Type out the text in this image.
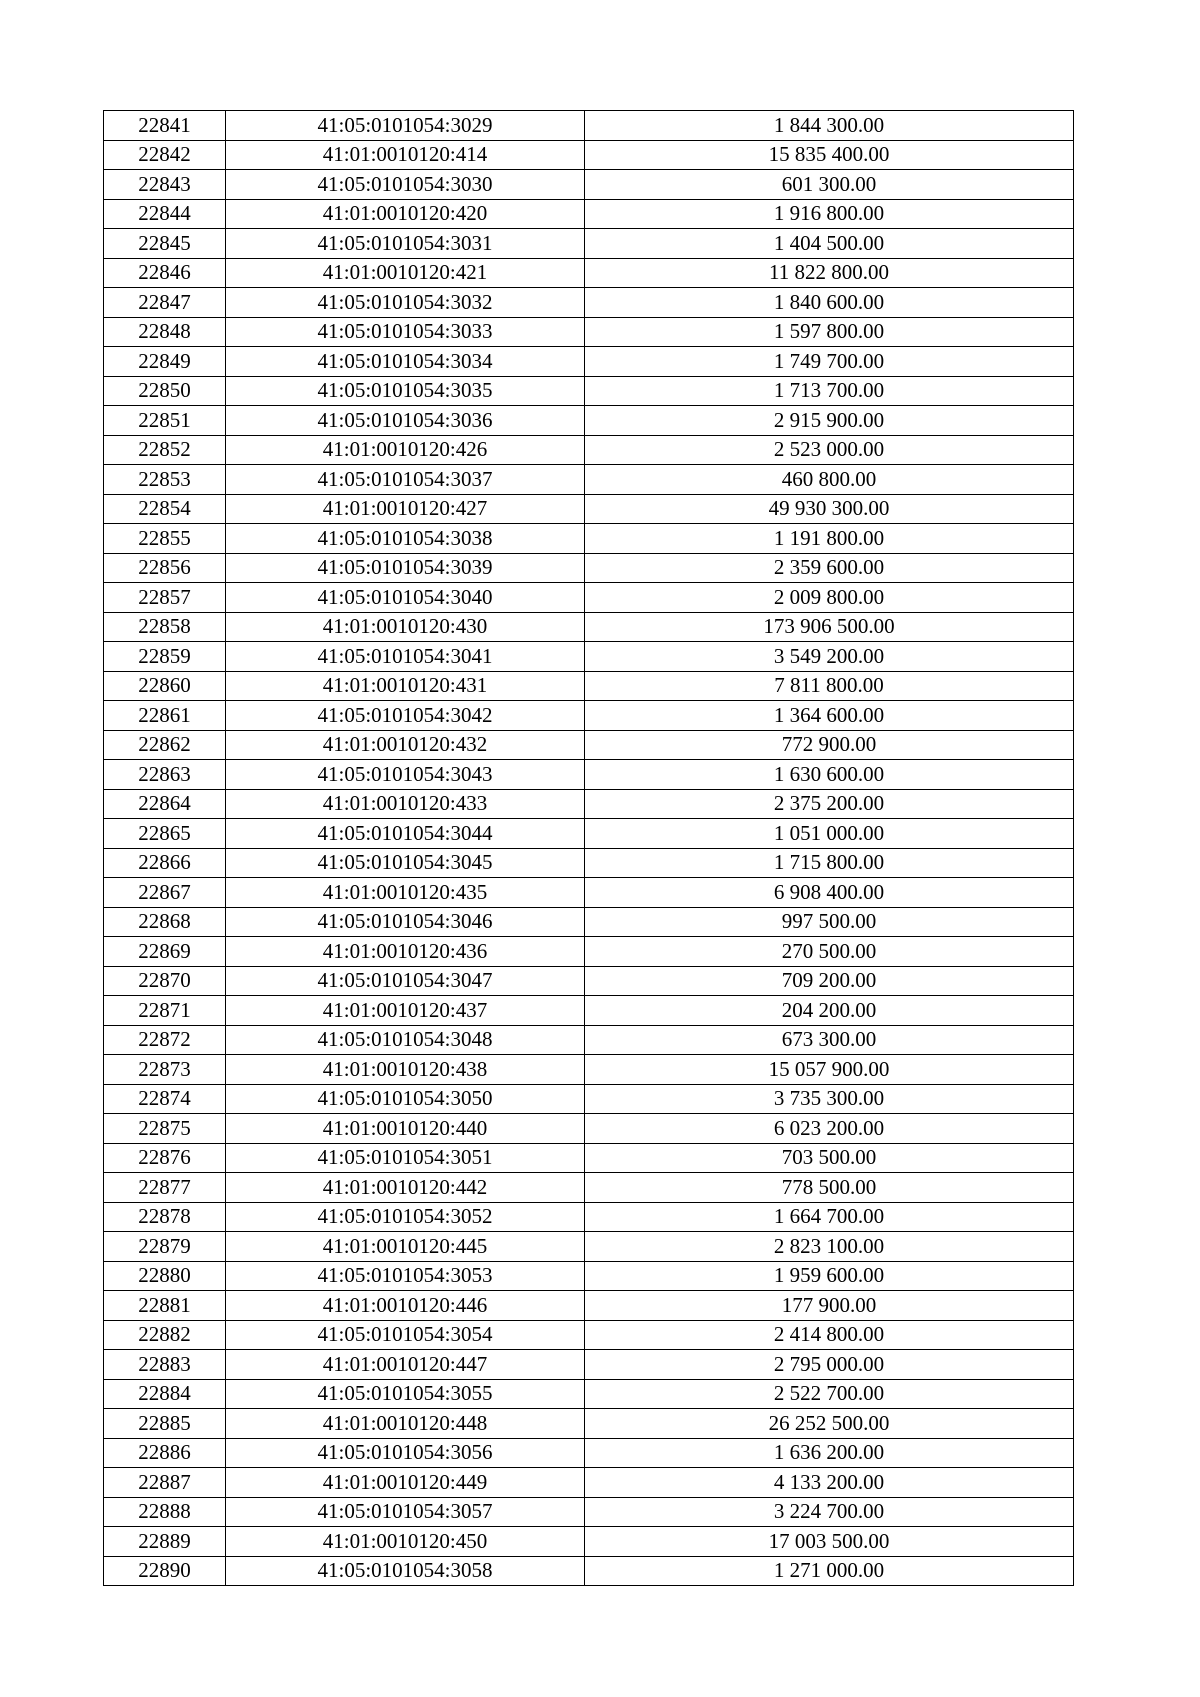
22841	41:05:0101054:3029	1 844 300.00
22842	41:01:0010120:414	15 835 400.00
22843	41:05:0101054:3030	601 300.00
22844	41:01:0010120:420	1 916 800.00
22845	41:05:0101054:3031	1 404 500.00
22846	41:01:0010120:421	11 822 800.00
22847	41:05:0101054:3032	1 840 600.00
22848	41:05:0101054:3033	1 597 800.00
22849	41:05:0101054:3034	1 749 700.00
22850	41:05:0101054:3035	1 713 700.00
22851	41:05:0101054:3036	2 915 900.00
22852	41:01:0010120:426	2 523 000.00
22853	41:05:0101054:3037	460 800.00
22854	41:01:0010120:427	49 930 300.00
22855	41:05:0101054:3038	1 191 800.00
22856	41:05:0101054:3039	2 359 600.00
22857	41:05:0101054:3040	2 009 800.00
22858	41:01:0010120:430	173 906 500.00
22859	41:05:0101054:3041	3 549 200.00
22860	41:01:0010120:431	7 811 800.00
22861	41:05:0101054:3042	1 364 600.00
22862	41:01:0010120:432	772 900.00
22863	41:05:0101054:3043	1 630 600.00
22864	41:01:0010120:433	2 375 200.00
22865	41:05:0101054:3044	1 051 000.00
22866	41:05:0101054:3045	1 715 800.00
22867	41:01:0010120:435	6 908 400.00
22868	41:05:0101054:3046	997 500.00
22869	41:01:0010120:436	270 500.00
22870	41:05:0101054:3047	709 200.00
22871	41:01:0010120:437	204 200.00
22872	41:05:0101054:3048	673 300.00
22873	41:01:0010120:438	15 057 900.00
22874	41:05:0101054:3050	3 735 300.00
22875	41:01:0010120:440	6 023 200.00
22876	41:05:0101054:3051	703 500.00
22877	41:01:0010120:442	778 500.00
22878	41:05:0101054:3052	1 664 700.00
22879	41:01:0010120:445	2 823 100.00
22880	41:05:0101054:3053	1 959 600.00
22881	41:01:0010120:446	177 900.00
22882	41:05:0101054:3054	2 414 800.00
22883	41:01:0010120:447	2 795 000.00
22884	41:05:0101054:3055	2 522 700.00
22885	41:01:0010120:448	26 252 500.00
22886	41:05:0101054:3056	1 636 200.00
22887	41:01:0010120:449	4 133 200.00
22888	41:05:0101054:3057	3 224 700.00
22889	41:01:0010120:450	17 003 500.00
22890	41:05:0101054:3058	1 271 000.00
